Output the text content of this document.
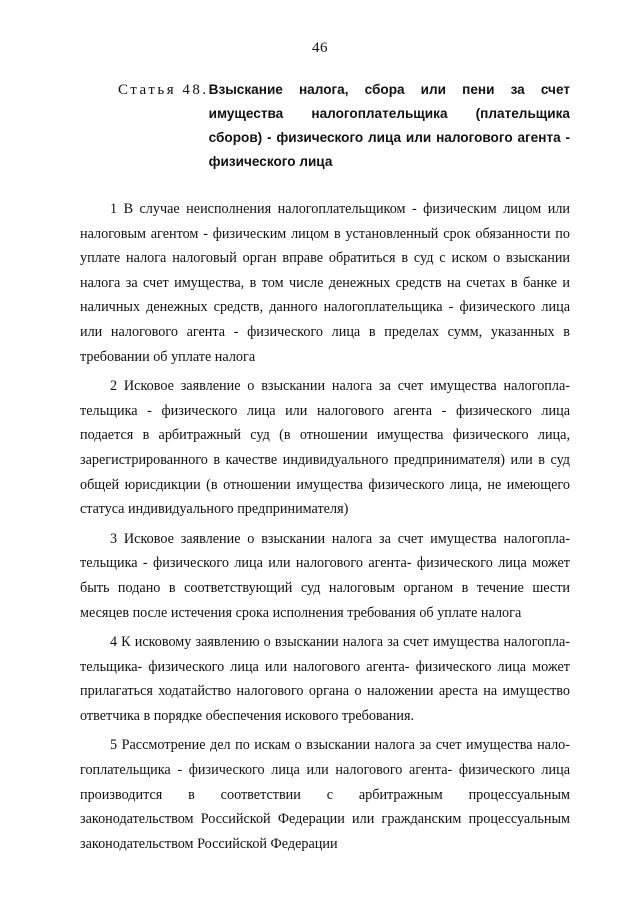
46
Статья 48. Взыскание налога, сбора или пени за счет имущества налогоплательщика (плательщика сборов) - физического лица или налогового агента - физического лица

1 В случае неисполнения налогоплательщиком - физическим лицом или налоговым агентом - физическим лицом в установленный срок обязанности по уплате налога налоговый орган вправе обратиться в суд с иском о взыскании налога за счет имущества, в том числе денежных средств на счетах в банке и наличных денежных средств, данного налогоплательщика - физического лица или налогового агента - физического лица в пределах сумм, указанных в требовании об уплате налога

2 Исковое заявление о взыскании налога за счет имущества налогоплательщика - физического лица или налогового агента - физического лица подается в арбитражный суд (в отношении имущества физического лица, зарегистрированного в качестве индивидуального предпринимателя) или в суд общей юрисдикции (в отношении имущества физического лица, не имеющего статуса индивидуального предпринимателя)

3 Исковое заявление о взыскании налога за счет имущества налогоплательщика - физического лица или налогового агента- физического лица может быть подано в соответствующий суд налоговым органом в течение шести месяцев после истечения срока исполнения требования об уплате налога

4 К исковому заявлению о взыскании налога за счет имущества налогоплательщика- физического лица или налогового агента- физического лица может прилагаться ходатайство налогового органа о наложении ареста на имущество ответчика в порядке обеспечения искового требования.

5 Рассмотрение дел по искам о взыскании налога за счет имущества налогоплательщика - физического лица или налогового агента- физического лица производится в соответствии с арбитражным процессуальным законодательством Российской Федерации или гражданским процессуальным законодательством Российской Федерации
